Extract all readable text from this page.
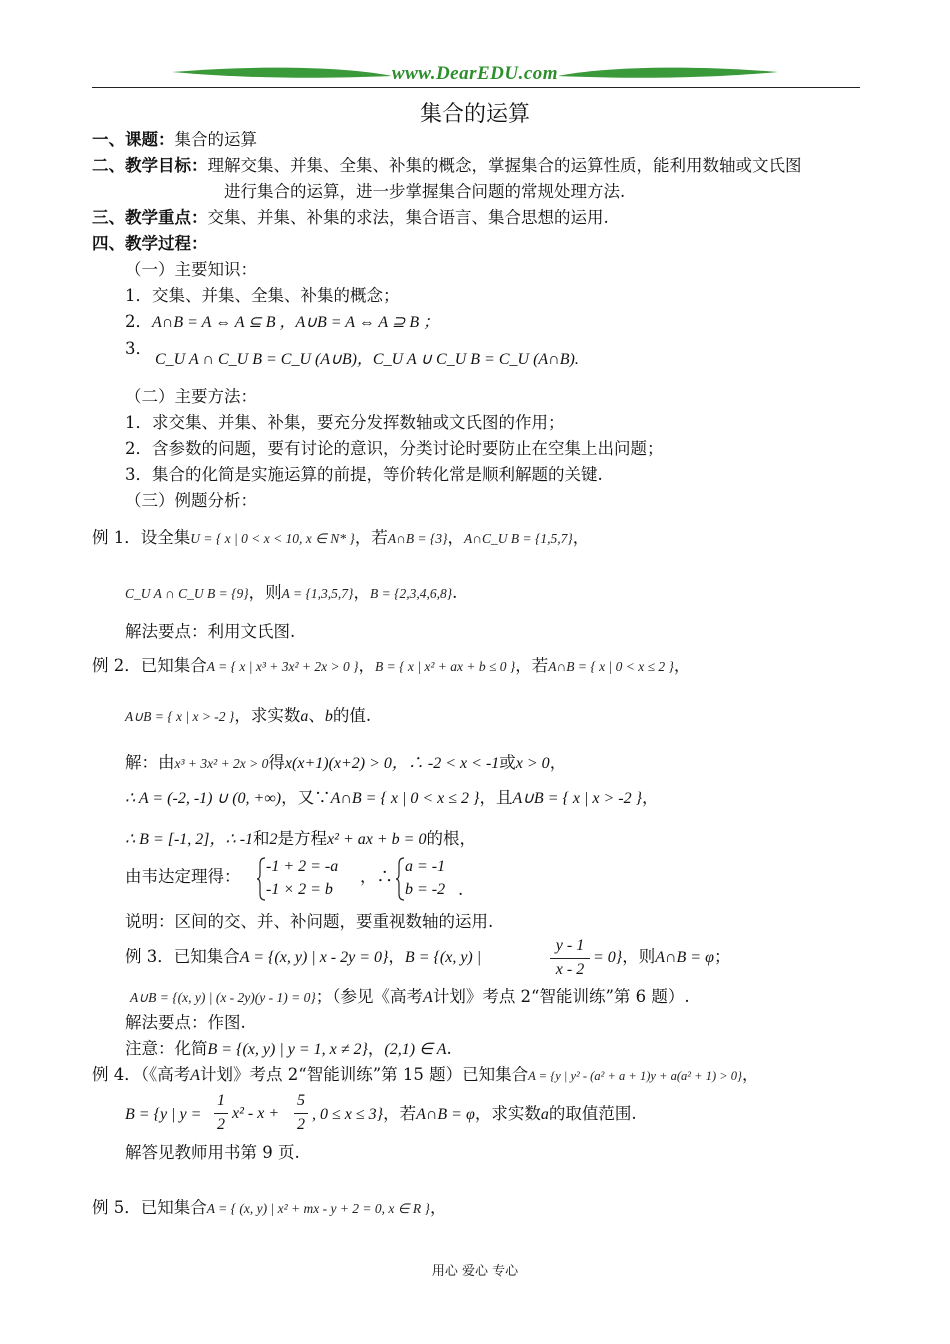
www.DearEDU.com
集合的运算
一、课题：集合的运算
二、教学目标：理解交集、并集、全集、补集的概念，掌握集合的运算性质，能利用数轴或文氏图
进行集合的运算，进一步掌握集合问题的常规处理方法.
三、教学重点：交集、并集、补集的求法，集合语言、集合思想的运用.
四、教学过程：
（一）主要知识：
1．交集、并集、全集、补集的概念；
2．A∩B = A ⇔ A ⊆ B ，A∪B = A ⇔ A ⊇ B ；
3．
C_U A ∩ C_U B = C_U (A∪B)，C_U A ∪ C_U B = C_U (A∩B).
（二）主要方法：
1．求交集、并集、补集，要充分发挥数轴或文氏图的作用；
2．含参数的问题，要有讨论的意识，分类讨论时要防止在空集上出问题；
3．集合的化简是实施运算的前提，等价转化常是顺利解题的关键.
（三）例题分析：
例 1．设全集U = { x | 0 < x < 10, x ∈ N* }，若A∩B = {3}，A∩C_U B = {1,5,7}，
C_U A ∩ C_U B = {9}，则A = {1,3,5,7}，B = {2,3,4,6,8}.
解法要点：利用文氏图.
例 2．已知集合A = { x | x³ + 3x² + 2x > 0 }，B = { x | x² + ax + b ≤ 0 }，若A∩B = { x | 0 < x ≤ 2 }，
A∪B = { x | x > -2 }，求实数a、b的值.
解：由x³ + 3x² + 2x > 0得x(x+1)(x+2) > 0，∴ -2 < x < -1或x > 0，
∴ A = (-2, -1) ∪ (0, +∞)，又∵A∩B = { x | 0 < x ≤ 2 }，且A∪B = { x | x > -2 }，
∴ B = [-1, 2]，∴ -1和2是方程x² + ax + b = 0的根，
由韦达定理得：
-1 + 2 = -a
-1 × 2 = b
，∴
a = -1
b = -2 .
说明：区间的交、并、补问题，要重视数轴的运用.
例 3．已知集合A = {(x, y) | x - 2y = 0}，B = {(x, y) |
y - 1
x - 2
= 0}，则A∩B = φ；
A∪B = {(x, y) | (x - 2y)(y - 1) = 0}；（参见《高考A计划》考点 2“智能训练”第 6 题）.
解法要点：作图.
注意：化简B = {(x, y) | y = 1, x ≠ 2}，(2,1) ∈ A.
例 4．（《高考A计划》考点 2“智能训练”第 15 题）已知集合A = {y | y² - (a² + a + 1)y + a(a² + 1) > 0}，
B = {y | y =
1
2
x² - x +
5
2
, 0 ≤ x ≤ 3}，若A∩B = φ，求实数a的取值范围.
解答见教师用书第 9 页.
例 5．已知集合A = { (x, y) | x² + mx - y + 2 = 0, x ∈ R }，
用心 爱心 专心
